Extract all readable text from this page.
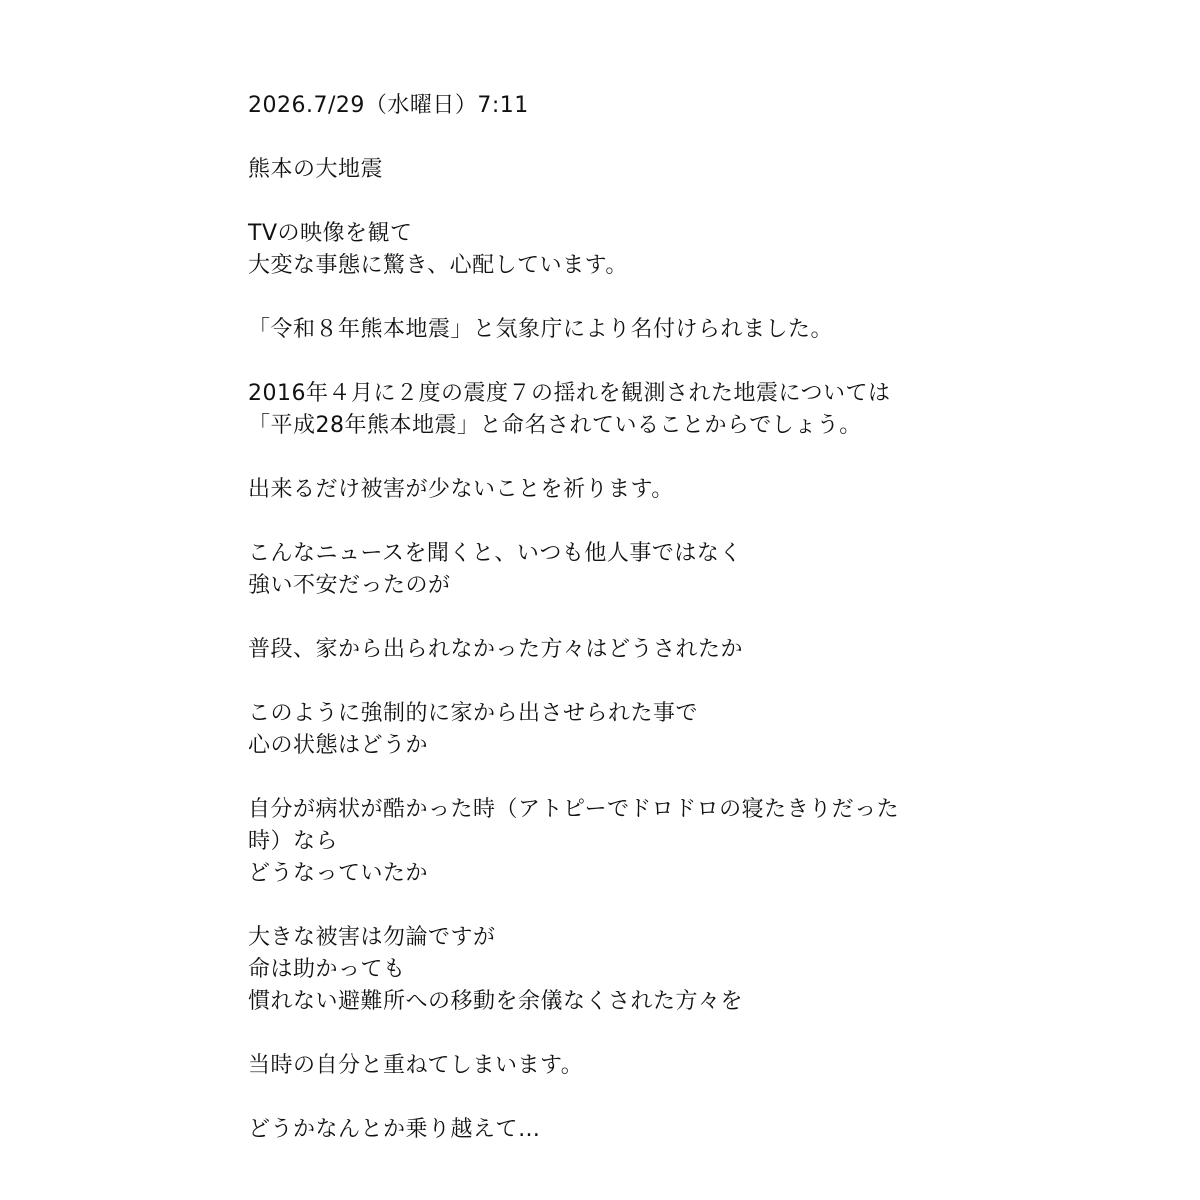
2026.7/29（水曜日）7:11
熊本の大地震
TVの映像を観て
大変な事態に驚き、心配しています。
「令和８年熊本地震」と気象庁により名付けられました。
2016年４月に２度の震度７の揺れを観測された地震については
「平成28年熊本地震」と命名されていることからでしょう。
出来るだけ被害が少ないことを祈ります。
こんなニュースを聞くと、いつも他人事ではなく
強い不安だったのが
普段、家から出られなかった方々はどうされたか
このように強制的に家から出させられた事で
心の状態はどうか
自分が病状が酷かった時（アトピーでドロドロの寝たきりだった
時）なら
どうなっていたか
大きな被害は勿論ですが
命は助かっても
慣れない避難所への移動を余儀なくされた方々を
当時の自分と重ねてしまいます。
どうかなんとか乗り越えて…
